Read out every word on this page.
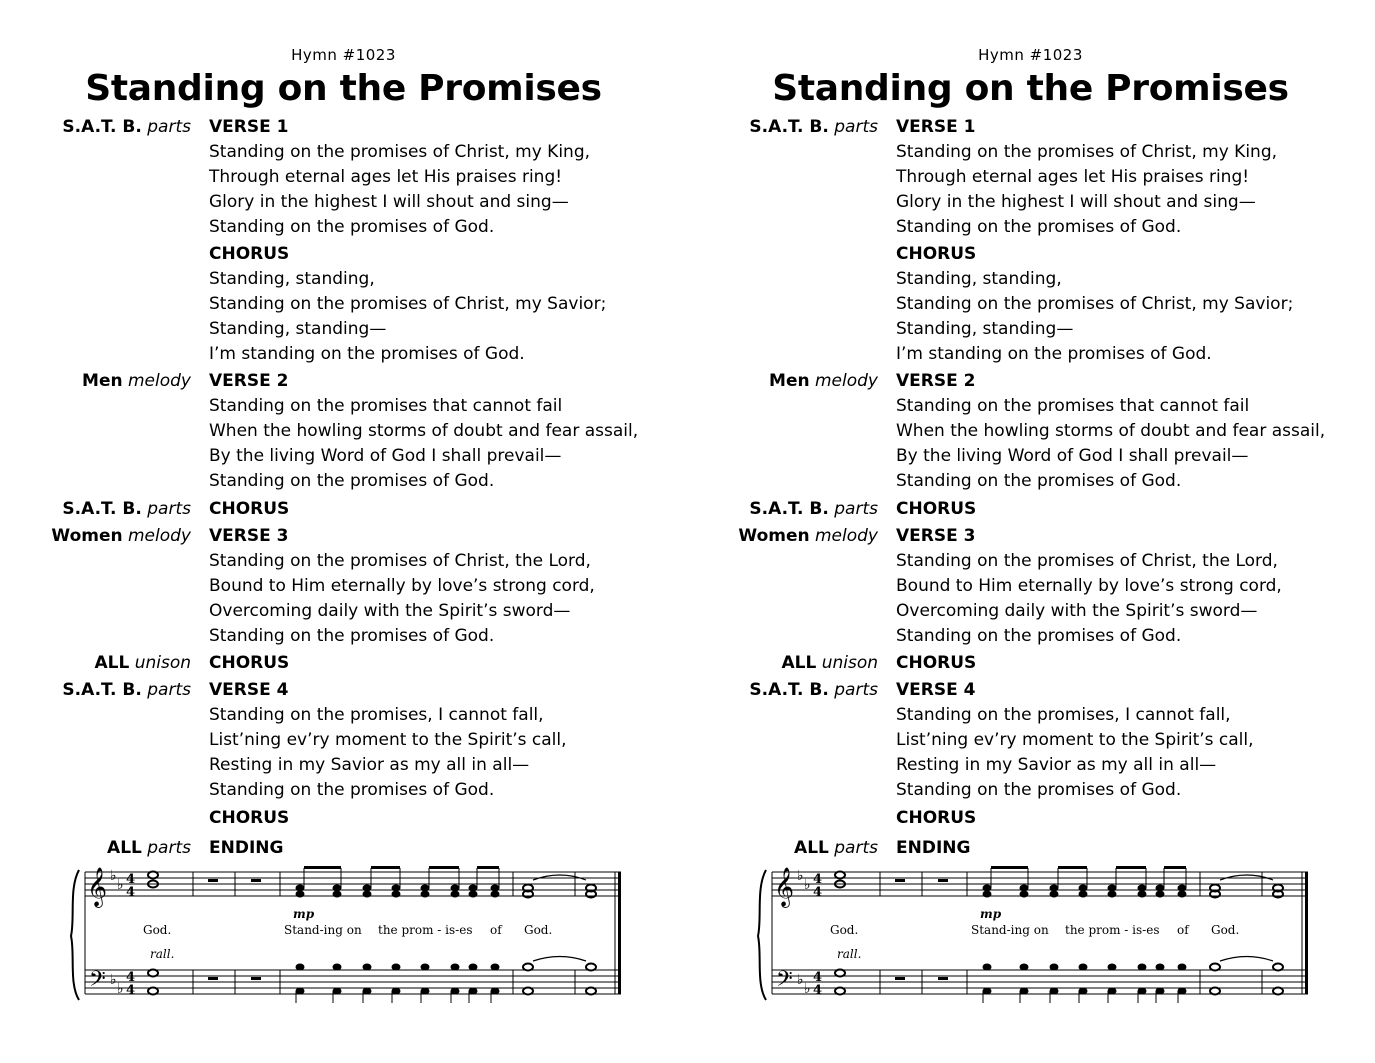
Hymn #1023
Standing on the Promises
S.A.T. B. parts VERSE 1
Standing on the promises of Christ, my King,
Through eternal ages let His praises ring!
Glory in the highest I will shout and sing—
Standing on the promises of God.
CHORUS
Standing, standing,
Standing on the promises of Christ, my Savior;
Standing, standing—
I’m standing on the promises of God.
Men melody VERSE 2
Standing on the promises that cannot fail
When the howling storms of doubt and fear assail,
By the living Word of God I shall prevail—
Standing on the promises of God.
S.A.T. B. parts CHORUS
Women melody VERSE 3
Standing on the promises of Christ, the Lord,
Bound to Him eternally by love’s strong cord,
Overcoming daily with the Spirit’s sword—
Standing on the promises of God.
ALL unison CHORUS
S.A.T. B. parts VERSE 4
Standing on the promises, I cannot fall,
List’ning ev’ry moment to the Spirit’s call,
Resting in my Savior as my all in all—
Standing on the promises of God.
CHORUS
ALL parts ENDING
𝄞
𝄢
♭
♭
♭
♭
4
4
4
4
mp
rall.
God.	Stand-ing on the prom - is-es of God.
Hymn #1023
Standing on the Promises
S.A.T. B. parts VERSE 1
Standing on the promises of Christ, my King,
Through eternal ages let His praises ring!
Glory in the highest I will shout and sing—
Standing on the promises of God.
CHORUS
Standing, standing,
Standing on the promises of Christ, my Savior;
Standing, standing—
I’m standing on the promises of God.
Men melody VERSE 2
Standing on the promises that cannot fail
When the howling storms of doubt and fear assail,
By the living Word of God I shall prevail—
Standing on the promises of God.
S.A.T. B. parts CHORUS
Women melody VERSE 3
Standing on the promises of Christ, the Lord,
Bound to Him eternally by love’s strong cord,
Overcoming daily with the Spirit’s sword—
Standing on the promises of God.
ALL unison CHORUS
S.A.T. B. parts VERSE 4
Standing on the promises, I cannot fall,
List’ning ev’ry moment to the Spirit’s call,
Resting in my Savior as my all in all—
Standing on the promises of God.
CHORUS
ALL parts ENDING
𝄞
𝄢
♭
♭
♭
♭
4
4
4
4
mp
rall.
God.	Stand-ing on the prom - is-es of God.
